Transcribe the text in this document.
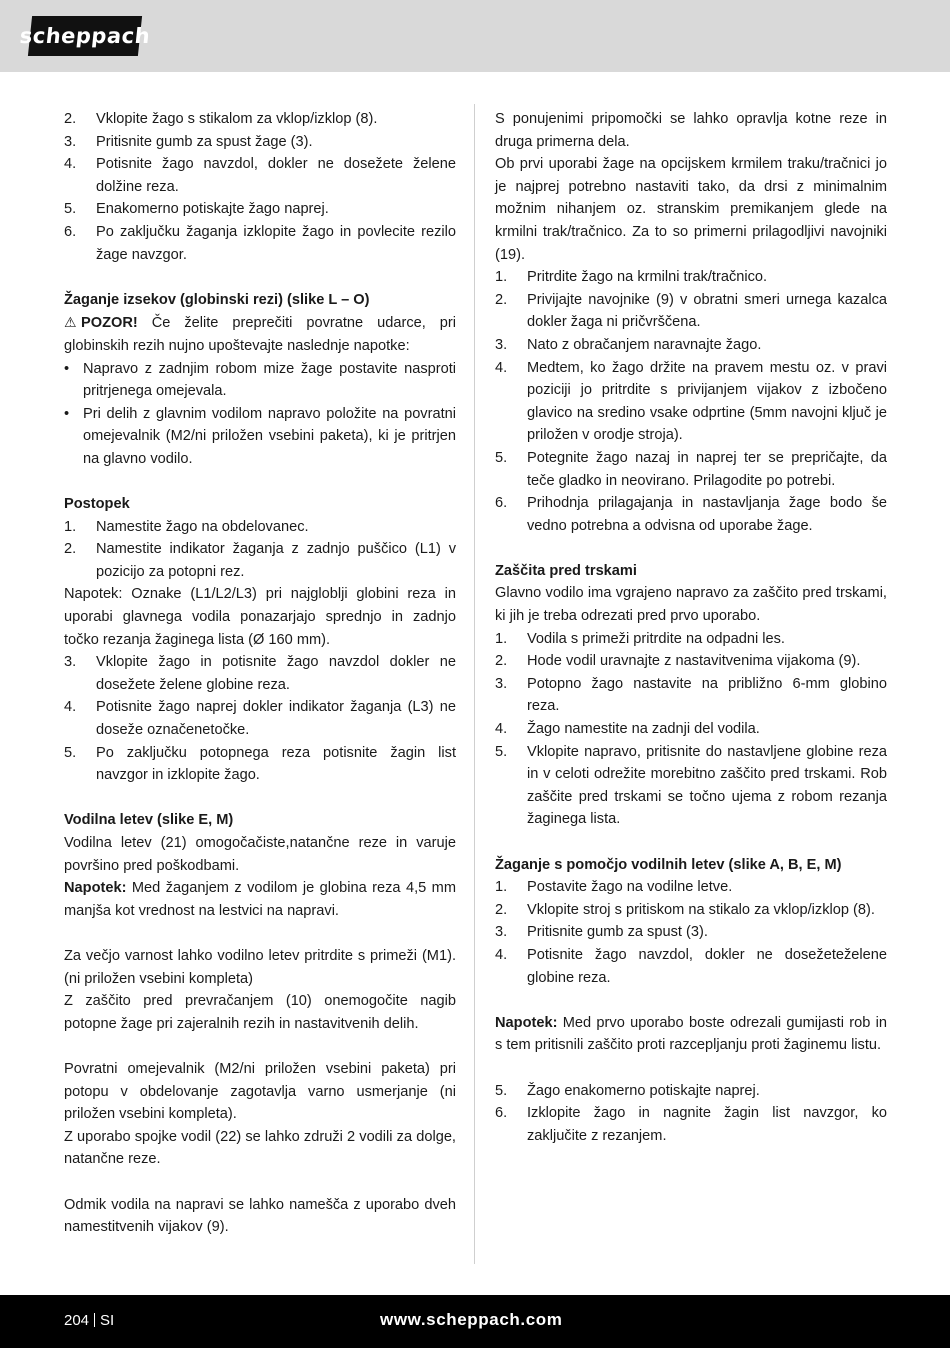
scheppach
2.	Vklopite žago s stikalom za vklop/izklop (8).
3.	Pritisnite gumb za spust žage (3).
4.	Potisnite žago navzdol, dokler ne dosežete želene dolžine reza.
5.	Enakomerno potiskajte žago naprej.
6.	Po zaključku žaganja izklopite žago in povlecite rezilo žage navzgor.
Žaganje izsekov (globinski rezi) (slike L – O)

⚠ POZOR! Če želite preprečiti povratne udarce, pri globinskih rezih nujno upoštevajte naslednje napotke:

• Napravo z zadnjim robom mize žage postavite nasproti pritrjenega omejevala.
• Pri delih z glavnim vodilom napravo položite na povratni omejevalnik (M2/ni priložen vsebini paketa), ki je pritrjen na glavno vodilo.
Postopek
1.	Namestite žago na obdelovanec.
2.	Namestite indikator žaganja z zadnjo puščico (L1) v pozicijo za potopni rez.

Napotek: Oznake (L1/L2/L3) pri najgloblji globini reza in uporabi glavnega vodila ponazarjajo sprednjo in zadnjo točko rezanja žaginega lista (Ø 160 mm).

3.	Vklopite žago in potisnite žago navzdol dokler ne dosežete želene globine reza.
4.	Potisnite žago naprej dokler indikator žaganja (L3) ne doseže označenetočke.
5.	Po zaključku potopnega reza potisnite žagin list navzgor in izklopite žago.
Vodilna letev (slike E, M)

Vodilna letev (21) omogočačiste,natančne reze in varuje površino pred poškodbami.

Napotek: Med žaganjem z vodilom je globina reza 4,5 mm manjša kot vrednost na lestvici na napravi.

Za večjo varnost lahko vodilno letev pritrdite s primeži (M1). (ni priložen vsebini kompleta)

Z zaščito pred prevračanjem (10) onemogočite nagib potopne žage pri zajeralnih rezih in nastavitvenih delih.

Povratni omejevalnik (M2/ni priložen vsebini paketa) pri potopu v obdelovanje zagotavlja varno usmerjanje (ni priložen vsebini kompleta).

Z uporabo spojke vodil (22) se lahko združi 2 vodili za dolge, natančne reze.

Odmik vodila na napravi se lahko namešča z uporabo dveh namestitvenih vijakov (9).

S ponujenimi pripomočki se lahko opravlja kotne reze in druga primerna dela.

Ob prvi uporabi žage na opcijskem krmilem traku/tračnici jo je najprej potrebno nastaviti tako, da drsi z minimalnim možnim nihanjem oz. stranskim premikanjem glede na krmilni trak/tračnico. Za to so primerni prilagodljivi navojniki (19).

1.	Pritrdite žago na krmilni trak/tračnico.
2.	Privijajte navojnike (9) v obratni smeri urnega kazalca dokler žaga ni pričvrščena.
3.	Nato z obračanjem naravnajte žago.
4.	Medtem, ko žago držite na pravem mestu oz. v pravi poziciji jo pritrdite s privijanjem vijakov z izbočeno glavico na sredino vsake odprtine (5mm navojni ključ je priložen v orodje stroja).
5.	Potegnite žago nazaj in naprej ter se prepričajte, da teče gladko in neovirano. Prilagodite po potrebi.
6.	Prihodnja prilagajanja in nastavljanja žage bodo še vedno potrebna a odvisna od uporabe žage.
Zaščita pred trskami

Glavno vodilo ima vgrajeno napravo za zaščito pred trskami, ki jih je treba odrezati pred prvo uporabo.

1.	Vodila s primeži pritrdite na odpadni les.
2.	Hode vodil uravnajte z nastavitvenima vijakoma (9).
3.	Potopno žago nastavite na približno 6-mm globino reza.
4.	Žago namestite na zadnji del vodila.
5.	Vklopite napravo, pritisnite do nastavljene globine reza in v celoti odrežite morebitno zaščito pred trskami. Rob zaščite pred trskami se točno ujema z robom rezanja žaginega lista.
Žaganje s pomočjo vodilnih letev (slike A, B, E, M)
1.	Postavite žago na vodilne letve.
2.	Vklopite stroj s pritiskom na stikalo za vklop/izklop (8).
3.	Pritisnite gumb za spust (3).
4.	Potisnite žago navzdol, dokler ne dosežeteželene globine reza.

Napotek: Med prvo uporabo boste odrezali gumijasti rob in s tem pritisnili zaščito proti razcepljanju proti žaginemu listu.

5.	Žago enakomerno potiskajte naprej.
6.	Izklopite žago in nagnite žagin list navzgor, ko zaključite z rezanjem.
204 SI	www.scheppach.com
